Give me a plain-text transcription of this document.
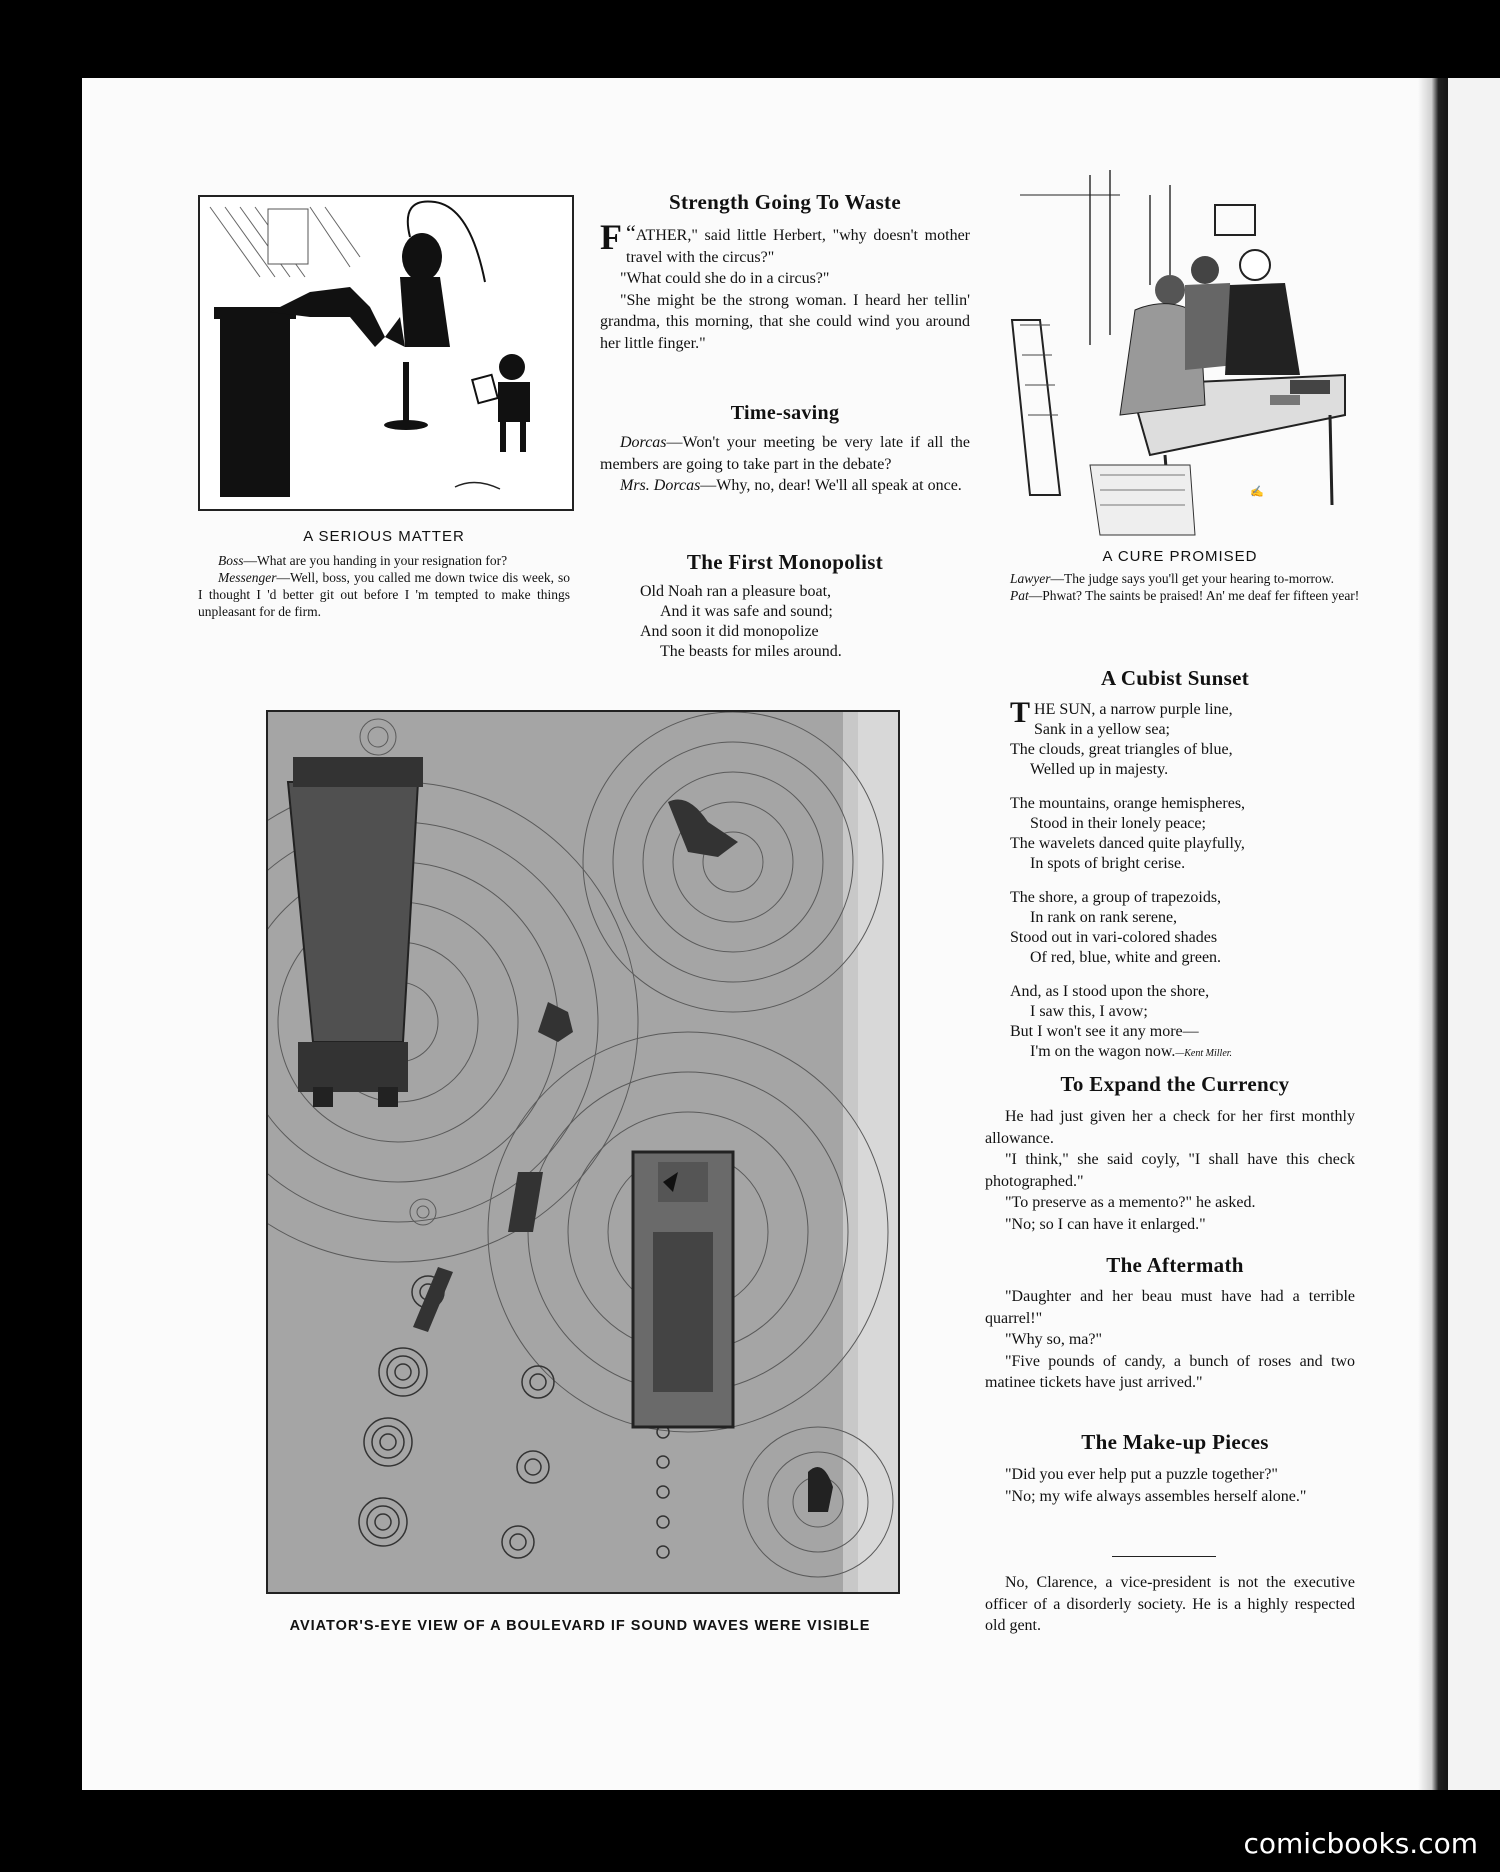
A SERIOUS MATTER

Boss—What are you handing in your resignation for?

Messenger—Well, boss, you called me down twice dis week, so I thought I 'd better git out before I 'm tempted to make things unpleasant for de firm.

Strength Going To Waste

“
F ATHER," said little Herbert, "why doesn't mother travel with the circus?"

"What could she do in a circus?"

"She might be the strong woman. I heard her tellin' grandma, this morning, that she could wind you around her little finger."

Time-saving

Dorcas—Won't your meeting be very late if all the members are going to take part in the debate?

Mrs. Dorcas—Why, no, dear! We'll all speak at once.

The First Monopolist

Old Noah ran a pleasure boat,

And it was safe and sound;

And soon it did monopolize

The beasts for miles around.

✍
A CURE PROMISED

Lawyer—The judge says you'll get your hearing to-morrow.

Pat—Phwat? The saints be praised! An' me deaf fer fifteen year!

AVIATOR'S-EYE VIEW OF A BOULEVARD IF SOUND WAVES WERE VISIBLE
A Cubist Sunset

THE SUN, a narrow purple line,

Sank in a yellow sea;

The clouds, great triangles of blue,

Welled up in majesty.

The mountains, orange hemispheres,

Stood in their lonely peace;

The wavelets danced quite playfully,

In spots of bright cerise.

The shore, a group of trapezoids,

In rank on rank serene,

Stood out in vari-colored shades

Of red, blue, white and green.

And, as I stood upon the shore,

I saw this, I avow;

But I won't see it any more—

I'm on the wagon now.—Kent Miller.

To Expand the Currency

He had just given her a check for her first monthly allowance.

"I think," she said coyly, "I shall have this check photographed."

"To preserve as a memento?" he asked.

"No; so I can have it enlarged."

The Aftermath

"Daughter and her beau must have had a terrible quarrel!"

"Why so, ma?"

"Five pounds of candy, a bunch of roses and two matinee tickets have just arrived."

The Make-up Pieces

"Did you ever help put a puzzle together?"

"No; my wife always assembles herself alone."

No, Clarence, a vice-president is not the executive officer of a disorderly society. He is a highly respected old gent.

comicbooks.com
